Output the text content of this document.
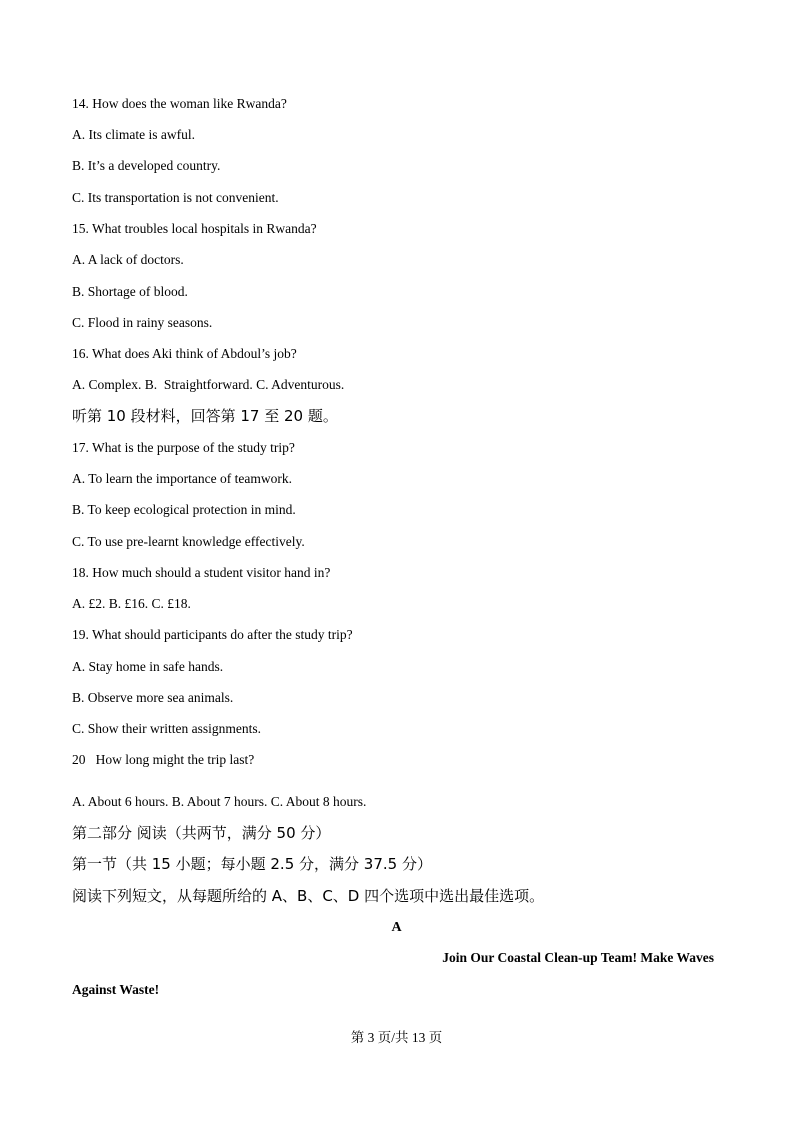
14. How does the woman like Rwanda?
A. Its climate is awful.
B. It’s a developed country.
C. Its transportation is not convenient.
15. What troubles local hospitals in Rwanda?
A. A lack of doctors.
B. Shortage of blood.
C. Flood in rainy seasons.
16. What does Aki think of Abdoul’s job?
A. Complex. B.  Straightforward. C. Adventurous.
听第 10 段材料，回答第 17 至 20 题。
17. What is the purpose of the study trip?
A. To learn the importance of teamwork.
B. To keep ecological protection in mind.
C. To use pre-learnt knowledge effectively.
18. How much should a student visitor hand in?
A. £2. B. £16. C. £18.
19. What should participants do after the study trip?
A. Stay home in safe hands.
B. Observe more sea animals.
C. Show their written assignments.
20   How long might the trip last?
A. About 6 hours. B. About 7 hours. C. About 8 hours.
第二部分 阅读（共两节，满分 50 分）
第一节（共 15 小题；每小题 2.5 分，满分 37.5 分）
阅读下列短文，从每题所给的 A、B、C、D 四个选项中选出最佳选项。
A
Join Our Coastal Clean-up Team! Make Waves
Against Waste!
第 3 页/共 13 页
